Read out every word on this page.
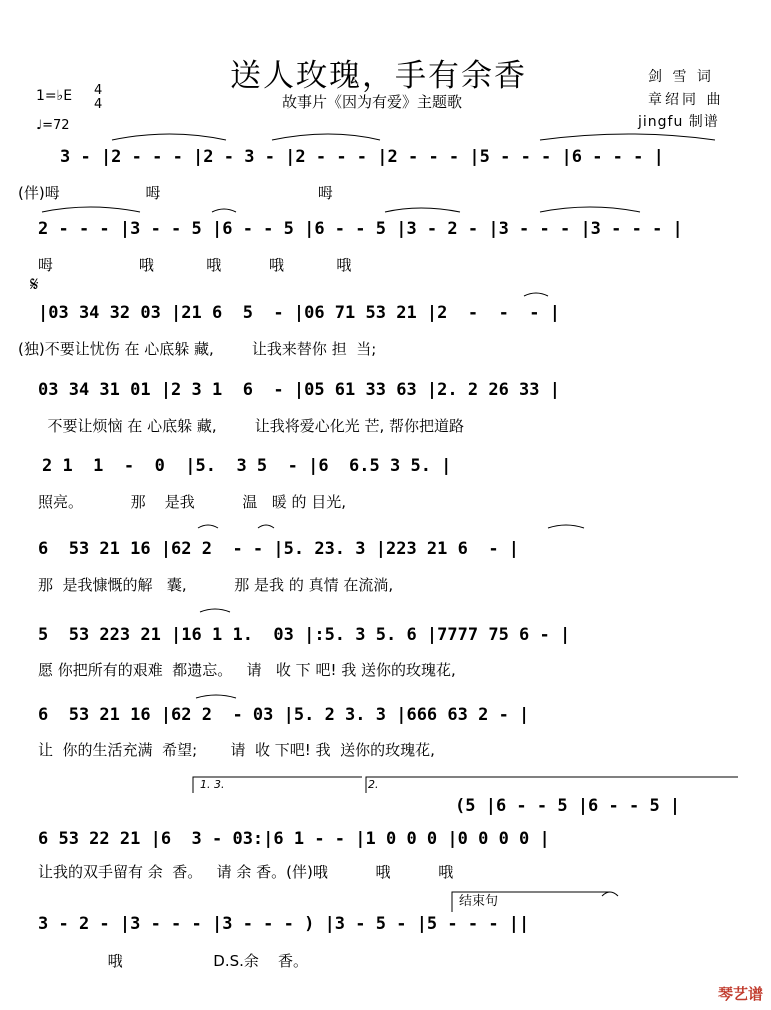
送人玫瑰，手有余香
故事片《因为有爱》主题歌
剑 雪 词
章绍同 曲
jingfu 制谱
1=♭E 4
4
♩=72
3 - |2 - - - |2 - 3 - |2 - - - |2 - - - |5 - - - |6 - - - |
(伴)呣                  呣                                 呣
2 - - - |3 - - 5 |6 - - 5 |6 - - 5 |3 - 2 - |3 - - - |3 - - - |
呣                  哦           哦          哦           哦
𝄋
|03 34 32 03 |21 6  5  - |06 71 53 21 |2  -  -  - |
(独)不要让忧伤 在 心底躲 藏,        让我来替你 担  当;
03 34 31 01 |2 3 1  6  - |05 61 33 63 |2. 2 26 33 |
不要让烦恼 在 心底躲 藏,        让我将爱心化光 芒, 帮你把道路
2 1  1  -  0  |5.  3 5  - |6  6.5 3 5. |
照亮。          那    是我          温   暖 的 目光,
6  53 21 16 |62 2  - - |5. 23. 3 |223 21 6  - |
那  是我慷慨的解   囊,          那 是我 的 真情 在流淌,
5  53 223 21 |16 1 1.  03 |:5. 3 5. 6 |7777 75 6 - |
愿 你把所有的艰难  都遗忘。   请   收 下 吧! 我 送你的玫瑰花,
6  53 21 16 |62 2  - 03 |5. 2 3. 3 |666 63 2 - |
让  你的生活充满  希望;       请  收 下吧! 我  送你的玫瑰花,
1. 3.	2.
(5 |6 - - 5 |6 - - 5 |
6 53 22 21 |6  3 - 03:|6 1 - - |1 0 0 0 |0 0 0 0 |
让我的双手留有 余  香。   请 余 香。(伴)哦          哦          哦
结束句
3 - 2 - |3 - - - |3 - - - ) |3 - 5 - |5 - - - ||
哦                   D.S.余    香。
琴艺谱
